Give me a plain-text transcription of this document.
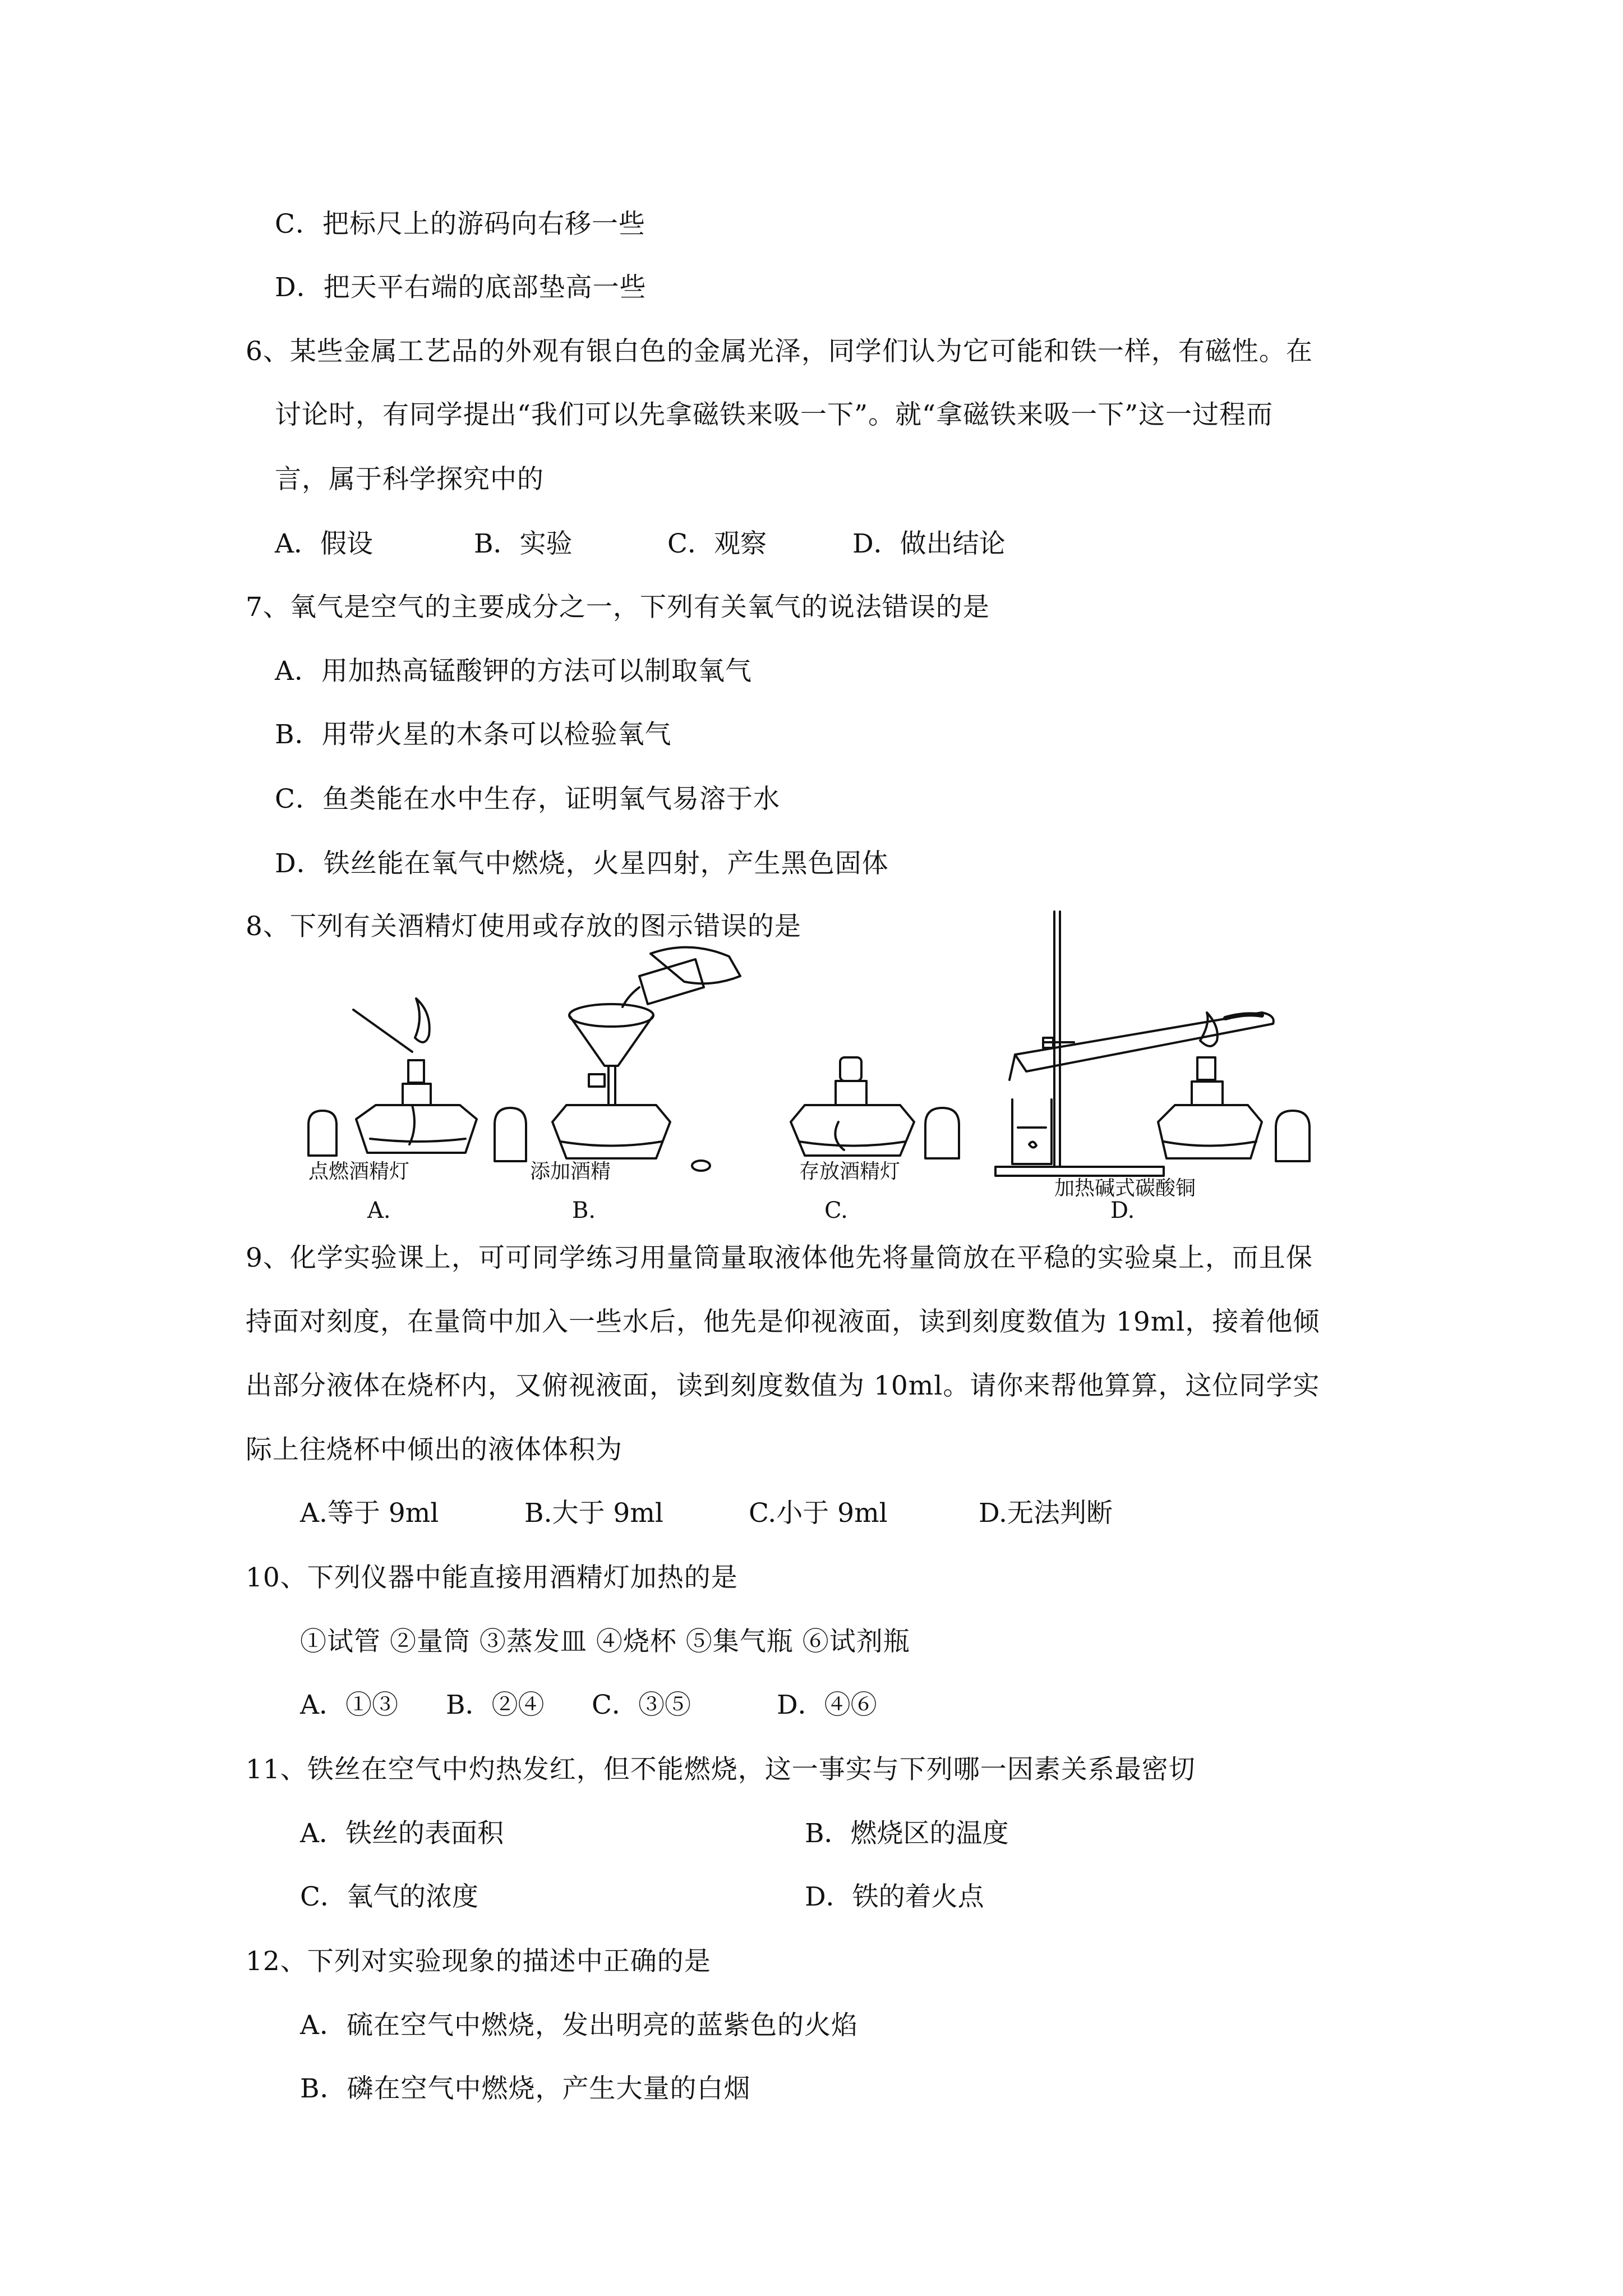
C．把标尺上的游码向右移一些
D．把天平右端的底部垫高一些
6、某些金属工艺品的外观有银白色的金属光泽，同学们认为它可能和铁一样，有磁性。在
讨论时，有同学提出“我们可以先拿磁铁来吸一下”。就“拿磁铁来吸一下”这一过程而
言，属于科学探究中的
A．假设	B．实验	C．观察	D．做出结论
7、氧气是空气的主要成分之一，下列有关氧气的说法错误的是
A．用加热高锰酸钾的方法可以制取氧气
B．用带火星的木条可以检验氧气
C．鱼类能在水中生存，证明氧气易溶于水
D．铁丝能在氧气中燃烧，火星四射，产生黑色固体
8、下列有关酒精灯使用或存放的图示错误的是
点燃酒精灯	添加酒精	存放酒精灯
加热碱式碳酸铜
A.	B.	C.	D.
9、化学实验课上，可可同学练习用量筒量取液体他先将量筒放在平稳的实验桌上，而且保
持面对刻度，在量筒中加入一些水后，他先是仰视液面，读到刻度数值为 19ml，接着他倾
出部分液体在烧杯内，又俯视液面，读到刻度数值为 10ml。请你来帮他算算，这位同学实
际上往烧杯中倾出的液体体积为
A.等于 9ml	B.大于 9ml	C.小于 9ml	D.无法判断
10、下列仪器中能直接用酒精灯加热的是
①试管 ②量筒 ③蒸发皿 ④烧杯 ⑤集气瓶 ⑥试剂瓶
A．①③ B．②④ C．③⑤	D．④⑥
11、铁丝在空气中灼热发红，但不能燃烧，这一事实与下列哪一因素关系最密切
A．铁丝的表面积	B．燃烧区的温度
C．氧气的浓度	D．铁的着火点
12、下列对实验现象的描述中正确的是
A．硫在空气中燃烧，发出明亮的蓝紫色的火焰
B．磷在空气中燃烧，产生大量的白烟
